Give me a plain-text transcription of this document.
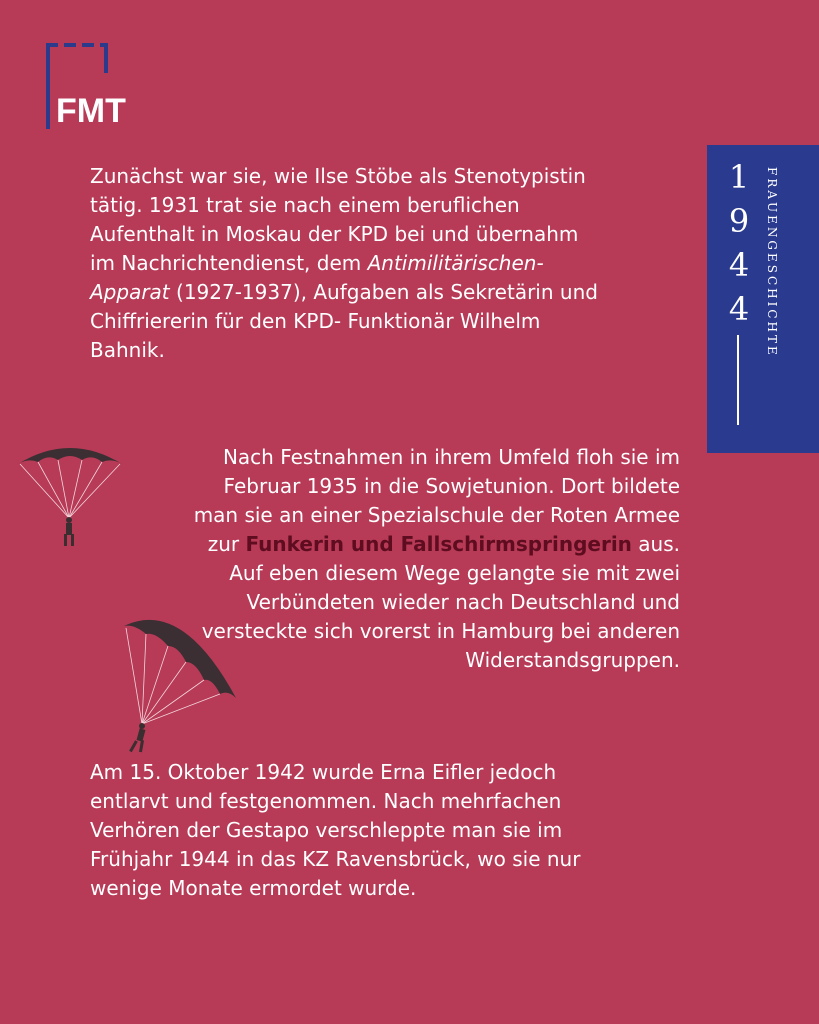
FMT
1
9
4
4	FRAUENGESCHICHTE
Zunächst war sie, wie Ilse Stöbe als Stenotypistin
tätig. 1931 trat sie nach einem beruflichen
Aufenthalt in Moskau der KPD bei und übernahm
im Nachrichtendienst, dem Antimilitärischen-
Apparat (1927-1937), Aufgaben als Sekretärin und
Chiffriererin für den KPD- Funktionär Wilhelm
Bahnik.
Nach Festnahmen in ihrem Umfeld floh sie im
Februar 1935 in die Sowjetunion. Dort bildete
man sie an einer Spezialschule der Roten Armee
zur Funkerin und Fallschirmspringerin aus.
Auf eben diesem Wege gelangte sie mit zwei
Verbündeten wieder nach Deutschland und
versteckte sich vorerst in Hamburg bei anderen
Widerstandsgruppen.
Am 15. Oktober 1942 wurde Erna Eifler jedoch
entlarvt und festgenommen. Nach mehrfachen
Verhören der Gestapo verschleppte man sie im
Frühjahr 1944 in das KZ Ravensbrück, wo sie nur
wenige Monate ermordet wurde.
